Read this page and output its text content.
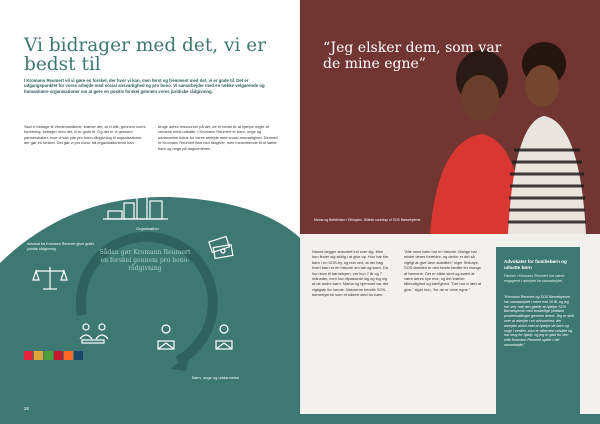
Vi bidrager med det, vi er bedst til

I Kromann Reumert vil vi gøre en forskel, der hvor vi kan, men først og fremmest med det, vi er gode til. Det er udgangspunktet for vores arbejde med social ansvarlighed og pro bono. Vi samarbejder med en række velgørende og humanitære organisationer om at gøre en positiv forskel gennem vores juridiske rådgivning.

Skal vi bidrage til Verdensmålene, kræver det, at vi alle, gennem vores forretning, bidrager med det, vi er gode til. Og det er vi gennem partnerskaber, hvor vi kan yde pro bono-rådgivning til organisationer, der gør en forskel. Det gør vi pro bono, så organisationerne kan

bruge deres ressourcer på det, de er bedst til: at hjælpe nogle af verdens mest udsatte. I Kromann Reumert er børn, unge og uddannelse fokus for vores arbejde med social ansvarlighed. Dermed er Kromann Reumert ikke blot rådgiver, men medvirkende til at sætte børn og unge på dagsordenen.

Organisation

Advokat fra Kromann Reumert giver gratis juridisk rådgivning

Sådan gør Kromann Reumert en forskel gennem pro bono-rådgivning

Børn, unge og uddannelse

26

“Jeg elsker dem, som var de mine egne”

Mama og Bethlehem i Ethiopien. Billede courtesy of SOS Børnebyerne.

Naomi lægger ansvaret ind over sig. Men hun finder sig aldrig i at give op. Hun har fire børn i en SOS-by, og hun ved, at der bag hvert barn er en historie om tab og savn. Da hun kom til børnebyen, var hun 7 år og 7 måneder, men hun tilpassede sig og tog sig af de andre børn. Mama og hjemmet var det vigtigste for hende. Naboerne kendte SOS-børnebyerne som et sikkert sted for børn.

”Alle mine børn har en historie. Mange har mistet deres forældre, og derfor er det så vigtigt at give dem stabilitet,” siger Shibaye. SOS-familien er den første familie for mange af børnene. Det er både stort og svært at være deres nye mor, og det kræver tålmodighed og kærlighed. ”Det har vi lært at give,” siger hun, ”for de er mine egne.”

Advokater for familiebørn og udsatte børn

Partner i Kromann Reumert har været engageret i arbejdet for samarbejdet.

”Kromann Reumert og SOS Børnebyerne har samarbejdet i mere end 10 år, og jeg har selv haft den glæde at hjælpe SOS Børnebyerne med forskellige juridiske problemstillinger gennem årene. Jeg er stolt over at arbejde i en virksomhed, der arbejder aktivt med at hjælpe de børn og unge i verden, som er allermest udsatte og har brug for hjælp, og jeg er glad for den rolle Kromann Reumert spiller i det samarbejde.”
